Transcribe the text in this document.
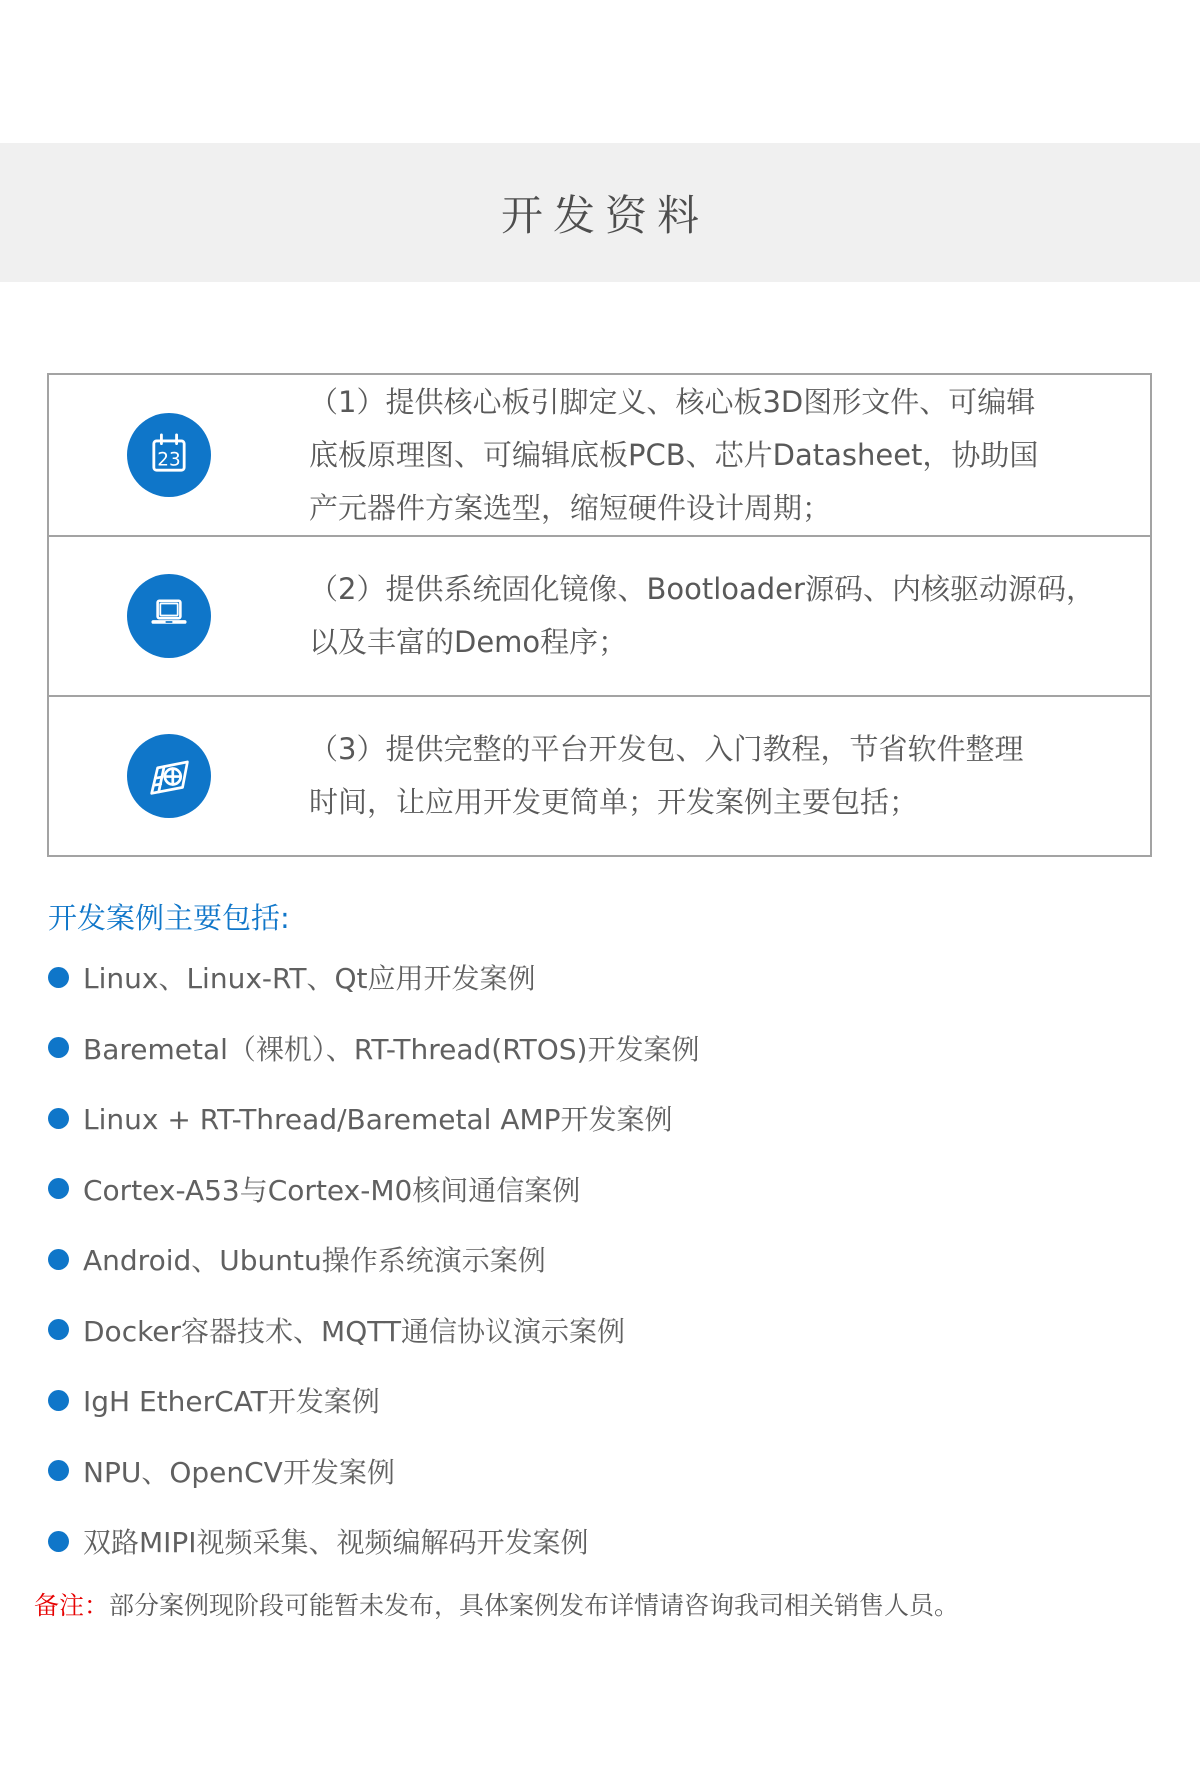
开发资料
23
（1）提供核心板引脚定义、核心板3D图形文件、可编辑
底板原理图、可编辑底板PCB、芯片Datasheet，协助国
产元器件方案选型，缩短硬件设计周期；
（2）提供系统固化镜像、Bootloader源码、内核驱动源码，
以及丰富的Demo程序；
（3）提供完整的平台开发包、入门教程，节省软件整理
时间，让应用开发更简单；开发案例主要包括；
开发案例主要包括:
Linux、Linux-RT、Qt应用开发案例
Baremetal（裸机）、RT-Thread(RTOS)开发案例
Linux + RT-Thread/Baremetal AMP开发案例
Cortex-A53与Cortex-M0核间通信案例
Android、Ubuntu操作系统演示案例
Docker容器技术、MQTT通信协议演示案例
IgH EtherCAT开发案例
NPU、OpenCV开发案例
双路MIPI视频采集、视频编解码开发案例
备注：部分案例现阶段可能暂未发布，具体案例发布详情请咨询我司相关销售人员。
